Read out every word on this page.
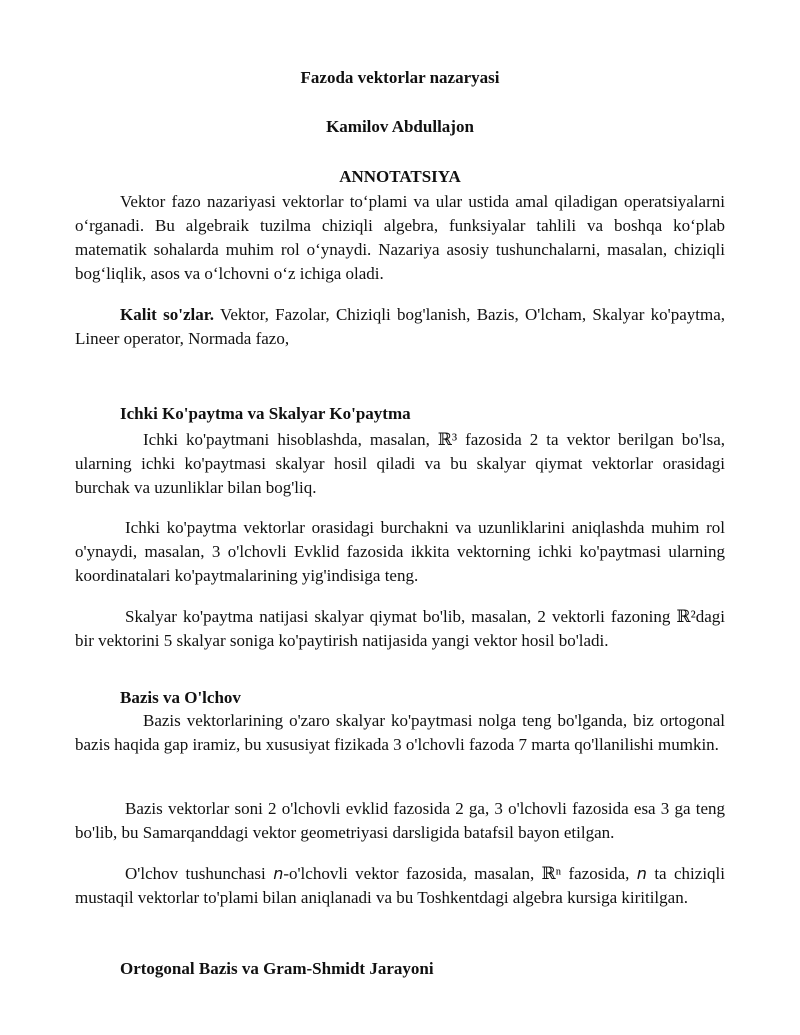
Fazoda vektorlar nazaryasi
Kamilov Abdullajon
ANNOTATSIYA

Vektor fazo nazariyasi vektorlar to‘plami va ular ustida amal qiladigan operatsiyalarni o‘rganadi. Bu algebraik tuzilma chiziqli algebra, funksiyalar tahlili va boshqa ko‘plab matematik sohalarda muhim rol o‘ynaydi. Nazariya asosiy tushunchalarni, masalan, chiziqli bog‘liqlik, asos va o‘lchovni o‘z ichiga oladi.

Kalit so'zlar. Vektor, Fazolar, Chiziqli bog'lanish, Bazis, O'lcham, Skalyar ko'paytma, Lineer operator, Normada fazo,

Ichki Ko'paytma va Skalyar Ko'paytma

Ichki ko'paytmani hisoblashda, masalan, ℝ³ fazosida 2 ta vektor berilgan bo'lsa, ularning ichki ko'paytmasi skalyar hosil qiladi va bu skalyar qiymat vektorlar orasidagi burchak va uzunliklar bilan bog'liq.

Ichki ko'paytma vektorlar orasidagi burchakni va uzunliklarini aniqlashda muhim rol o'ynaydi, masalan, 3 o'lchovli Evklid fazosida ikkita vektorning ichki ko'paytmasi ularning koordinatalari ko'paytmalarining yig'indisiga teng.

Skalyar ko'paytma natijasi skalyar qiymat bo'lib, masalan, 2 vektorli fazoning ℝ²dagi bir vektorini 5 skalyar soniga ko'paytirish natijasida yangi vektor hosil bo'ladi.

Bazis va O'lchov

Bazis vektorlarining o'zaro skalyar ko'paytmasi nolga teng bo'lganda, biz ortogonal bazis haqida gap iramiz, bu xususiyat fizikada 3 o'lchovli fazoda 7 marta qo'llanilishi mumkin.

Bazis vektorlar soni 2 o'lchovli evklid fazosida 2 ga, 3 o'lchovli fazosida esa 3 ga teng bo'lib, bu Samarqanddagi vektor geometriyasi darsligida batafsil bayon etilgan.

O'lchov tushunchasi n-o'lchovli vektor fazosida, masalan, ℝⁿ fazosida, n ta chiziqli mustaqil vektorlar to'plami bilan aniqlanadi va bu Toshkentdagi algebra kursiga kiritilgan.

Ortogonal Bazis va Gram-Shmidt Jarayoni
